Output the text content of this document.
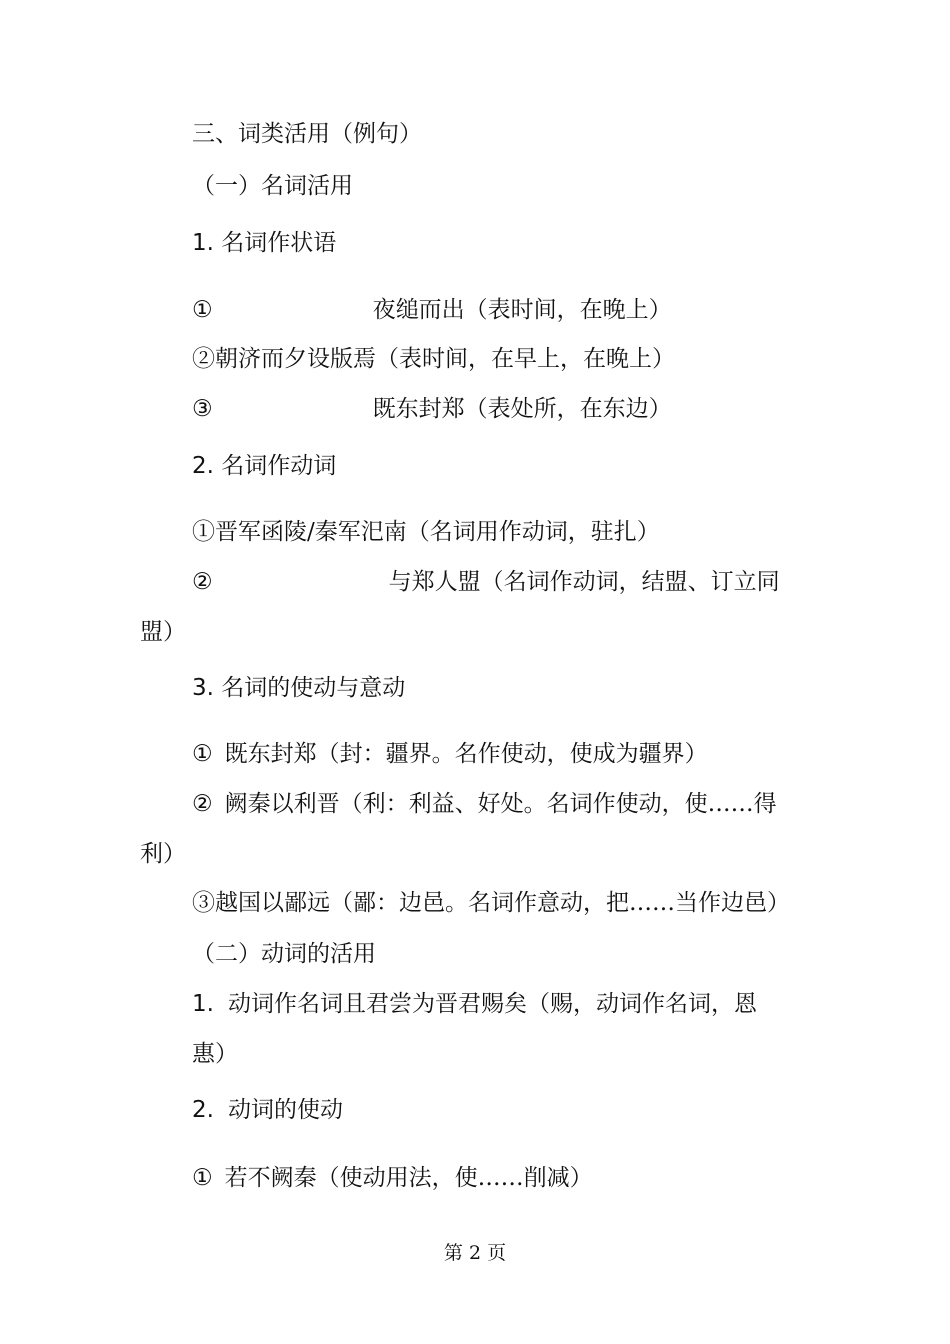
三、词类活用（例句）

（一）名词活用

1. 名词作状语

①	夜缒而出（表时间，在晚上）

②朝济而夕设版焉（表时间，在早上，在晚上）

③	既东封郑（表处所，在东边）

2. 名词作动词

①晋军函陵/秦军汜南（名词用作动词，驻扎）

②	与郑人盟（名词作动词，结盟、订立同

盟）

3. 名词的使动与意动

① 既东封郑（封：疆界。名作使动，使成为疆界）

② 阙秦以利晋（利：利益、好处。名词作使动，使……得

利）

③越国以鄙远（鄙：边邑。名词作意动，把……当作边邑）

（二）动词的活用

1. 动词作名词且君尝为晋君赐矣（赐，动词作名词，恩

惠）

2. 动词的使动

① 若不阙秦（使动用法，使……削减）

第 2 页
